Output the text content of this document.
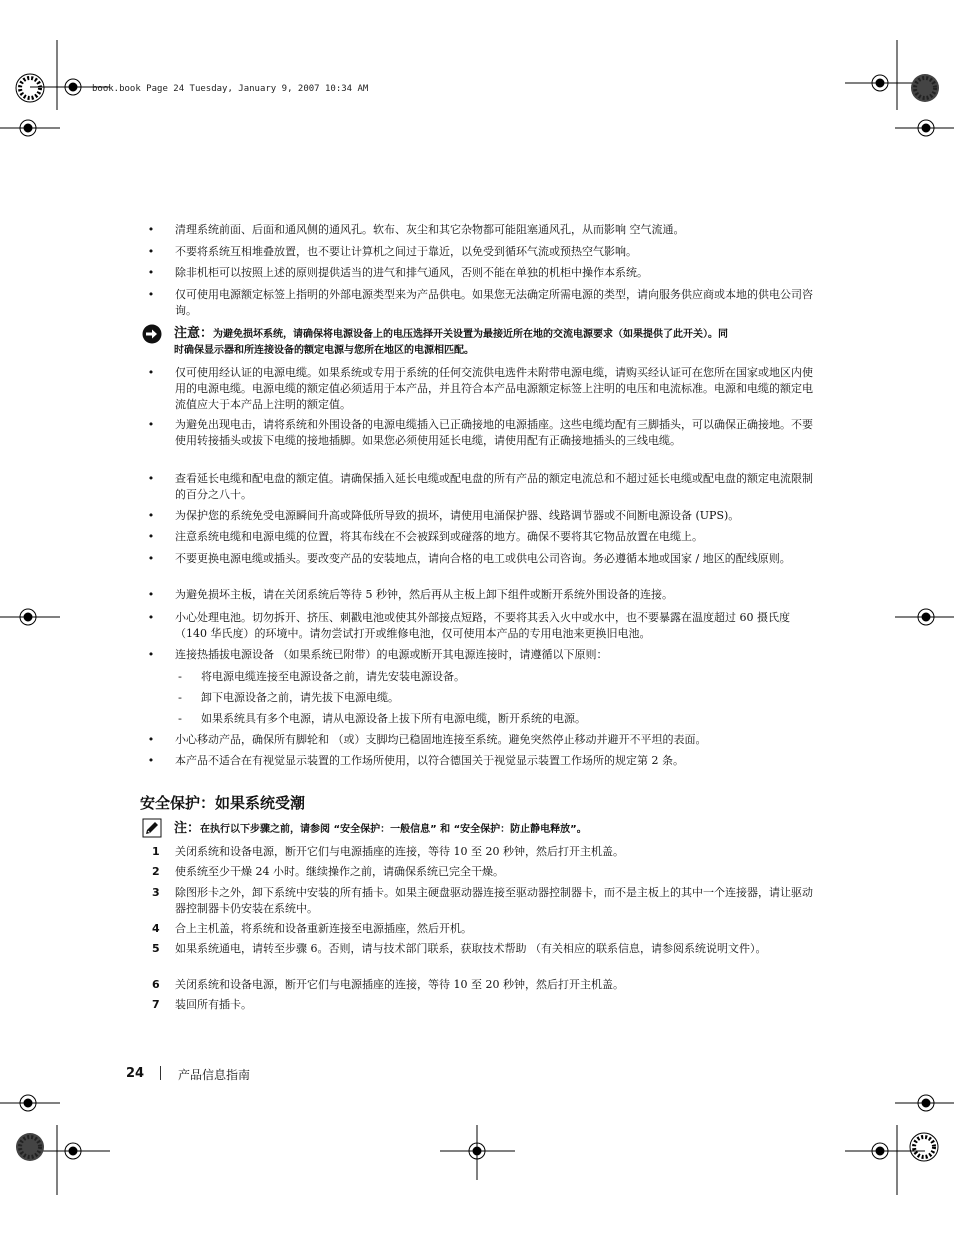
book.book Page 24 Tuesday, January 9, 2007 10:34 AM
• 清理系统前面、后面和通风侧的通风孔。软布、灰尘和其它杂物都可能阻塞通风孔，从而影响 空气流通。
• 不要将系统互相堆叠放置，也不要让计算机之间过于靠近，以免受到循环气流或预热空气影响。
• 除非机柜可以按照上述的原则提供适当的进气和排气通风，否则不能在单独的机柜中操作本系统。
• 仅可使用电源额定标签上指明的外部电源类型来为产品供电。如果您无法确定所需电源的类型，请向服务供应商或本地的供电公司咨询。
注意：为避免损坏系统，请确保将电源设备上的电压选择开关设置为最接近所在地的交流电源要求（如果提供了此开关）。同时确保显示器和所连接设备的额定电源与您所在地区的电源相匹配。
• 仅可使用经认证的电源电缆。如果系统或专用于系统的任何交流供电选件未附带电源电缆，请购买经认证可在您所在国家或地区内使用的电源电缆。电源电缆的额定值必须适用于本产品，并且符合本产品电源额定标签上注明的电压和电流标准。电源和电缆的额定电流值应大于本产品上注明的额定值。
• 为避免出现电击，请将系统和外围设备的电源电缆插入已正确接地的电源插座。这些电缆均配有三脚插头，可以确保正确接地。不要使用转接插头或拔下电缆的接地插脚。如果您必须使用延长电缆，请使用配有正确接地插头的三线电缆。
• 查看延长电缆和配电盘的额定值。请确保插入延长电缆或配电盘的所有产品的额定电流总和不超过延长电缆或配电盘的额定电流限制的百分之八十。
• 为保护您的系统免受电源瞬间升高或降低所导致的损坏，请使用电涌保护器、线路调节器或不间断电源设备 (UPS)。
• 注意系统电缆和电源电缆的位置，将其布线在不会被踩到或碰落的地方。确保不要将其它物品放置在电缆上。
• 不要更换电源电缆或插头。要改变产品的安装地点，请向合格的电工或供电公司咨询。务必遵循本地或国家 / 地区的配线原则。
• 为避免损坏主板，请在关闭系统后等待 5 秒钟，然后再从主板上卸下组件或断开系统外围设备的连接。
• 小心处理电池。切勿拆开、挤压、刺戳电池或使其外部接点短路，不要将其丢入火中或水中，也不要暴露在温度超过 60 摄氏度 （140 华氏度）的环境中。请勿尝试打开或维修电池，仅可使用本产品的专用电池来更换旧电池。
• 连接热插拔电源设备 （如果系统已附带）的电源或断开其电源连接时，请遵循以下原则：
- 将电源电缆连接至电源设备之前，请先安装电源设备。
- 卸下电源设备之前，请先拔下电源电缆。
- 如果系统具有多个电源，请从电源设备上拔下所有电源电缆，断开系统的电源。
• 小心移动产品，确保所有脚轮和 （或）支脚均已稳固地连接至系统。避免突然停止移动并避开不平坦的表面。
• 本产品不适合在有视觉显示装置的工作场所使用，以符合德国关于视觉显示装置工作场所的规定第 2 条。
安全保护：如果系统受潮
注：在执行以下步骤之前，请参阅 “安全保护：一般信息” 和 “安全保护：防止静电释放”。
1 关闭系统和设备电源，断开它们与电源插座的连接，等待 10 至 20 秒钟，然后打开主机盖。
2 使系统至少干燥 24 小时。继续操作之前，请确保系统已完全干燥。
3 除图形卡之外，卸下系统中安装的所有插卡。如果主硬盘驱动器连接至驱动器控制器卡，而不是主板上的其中一个连接器，请让驱动器控制器卡仍安装在系统中。
4 合上主机盖，将系统和设备重新连接至电源插座，然后开机。
5 如果系统通电，请转至步骤 6。否则，请与技术部门联系，获取技术帮助 （有关相应的联系信息，请参阅系统说明文件）。
6 关闭系统和设备电源，断开它们与电源插座的连接，等待 10 至 20 秒钟，然后打开主机盖。
7 装回所有插卡。
24	产品信息指南
